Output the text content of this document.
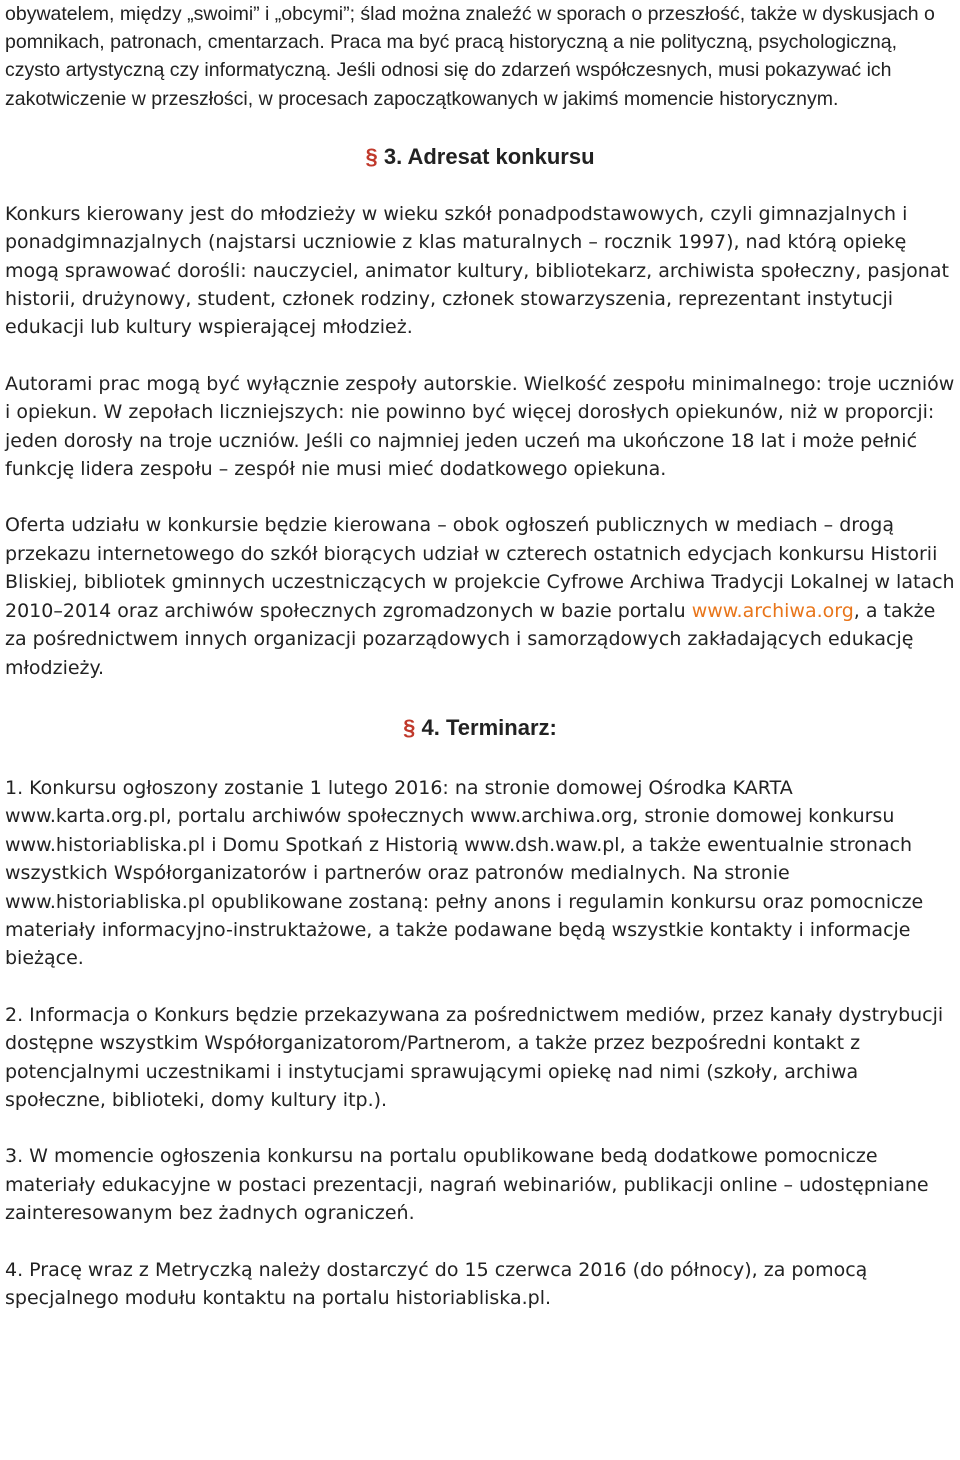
obywatelem, między „swoimi” i „obcymi”; ślad można znaleźć w sporach o przeszłość, także w dyskusjach o pomnikach, patronach, cmentarzach. Praca ma być pracą historyczną a nie polityczną, psychologiczną, czysto artystyczną czy informatyczną. Jeśli odnosi się do zdarzeń współczesnych, musi pokazywać ich zakotwiczenie w przeszłości, w procesach zapoczątkowanych w jakimś momencie historycznym.

§ 3. Adresat konkursu

Konkurs kierowany jest do młodzieży w wieku szkół ponadpodstawowych, czyli gimnazjalnych i ponadgimnazjalnych (najstarsi uczniowie z klas maturalnych – rocznik 1997), nad którą opiekę mogą sprawować dorośli: nauczyciel, animator kultury, bibliotekarz, archiwista społeczny, pasjonat historii, drużynowy, student, członek rodziny, członek stowarzyszenia, reprezentant instytucji edukacji lub kultury wspierającej młodzież.

Autorami prac mogą być wyłącznie zespoły autorskie. Wielkość zespołu minimalnego: troje uczniów i opiekun. W zepołach liczniejszych: nie powinno być więcej dorosłych opiekunów, niż w proporcji: jeden dorosły na troje uczniów. Jeśli co najmniej jeden uczeń ma ukończone 18 lat i może pełnić funkcję lidera zespołu – zespół nie musi mieć dodatkowego opiekuna.

Oferta udziału w konkursie będzie kierowana – obok ogłoszeń publicznych w mediach – drogą przekazu internetowego do szkół biorących udział w czterech ostatnich edycjach konkursu Historii Bliskiej, bibliotek gminnych uczestniczących w projekcie Cyfrowe Archiwa Tradycji Lokalnej w latach 2010–2014 oraz archiwów społecznych zgromadzonych w bazie portalu www.archiwa.org, a także za pośrednictwem innych organizacji pozarządowych i samorządowych zakładających edukację młodzieży.

§ 4. Terminarz:

1. Konkursu ogłoszony zostanie 1 lutego 2016: na stronie domowej Ośrodka KARTA www.karta.org.pl, portalu archiwów społecznych www.archiwa.org, stronie domowej konkursu www.historiabliska.pl i Domu Spotkań z Historią www.dsh.waw.pl, a także ewentualnie stronach wszystkich Współorganizatorów i partnerów oraz patronów medialnych. Na stronie www.historiabliska.pl opublikowane zostaną: pełny anons i regulamin konkursu oraz pomocnicze materiały informacyjno-instruktażowe, a także podawane będą wszystkie kontakty i informacje bieżące.

2. Informacja o Konkurs będzie przekazywana za pośrednictwem mediów, przez kanały dystrybucji dostępne wszystkim Współorganizatorom/Partnerom, a także przez bezpośredni kontakt z potencjalnymi uczestnikami i instytucjami sprawującymi opiekę nad nimi (szkoły, archiwa społeczne, biblioteki, domy kultury itp.).

3. W momencie ogłoszenia konkursu na portalu opublikowane bedą dodatkowe pomocnicze materiały edukacyjne w postaci prezentacji, nagrań webinariów, publikacji online – udostępniane zainteresowanym bez żadnych ograniczeń.

4. Pracę wraz z Metryczką należy dostarczyć do 15 czerwca 2016 (do północy), za pomocą specjalnego modułu kontaktu na portalu historiabliska.pl.
